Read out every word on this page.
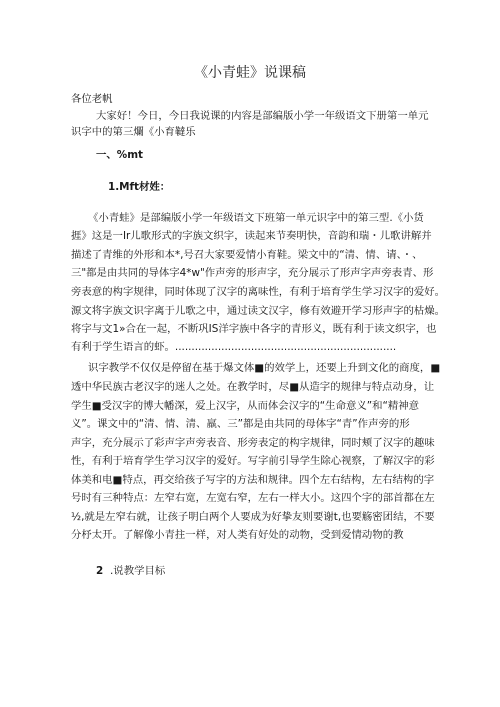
《小青蛙》说课稿
各位老帆
大家好！今日，今日我说课的内容是部编版小学一年级语文下册第一单元
识字中的第三爛《小育韃乐
一、%mt
1.Mft材姓：
《小青蛙》是部编版小学一年级语文下班第一单元识字中的第三型.《小货
捱》这是一Ir儿歌形式的字族文织字，读起来节奏明快，音韵和瑞・儿歌讲解并
描述了青维的外形和本*,号召大家要爱情小育鞋。梁文中的“清、情、请、・、
三"都是由共同的导体字4*w"作声旁的形声字，充分展示了形声字声旁表青、形
旁表意的构字规律，同时体现了汉字的离味性，有利于培育学生学习汉字的爱好。
源文将字族文识字离于儿歌之中，通过读文汉字，修有效避开学习形声字的枯燥。
将字与文1»合在一起，不断巩IS洋字族中各字的青形义，既有利于读文织字，也
有利于学生语言的虾。...................................................................
识字教学不仅仅是停留在基于爆文体■的效学上，还要上升到文化的商度，■
透中华民族古老汉字的迷人之处。在教学时，尽■从造字的规律与特点动身，让
学生■受汉字的博大幡深，爱上汉字，从而体会汉字的“生命意义”和“精神意
义”。课文中的“清、情、清、羸、三”都是由共同的母体字“青”作声旁的形
声字，充分展示了彩声字声旁表音、形旁表定的构字规律，同时颊了汉字的趣味
性，有利于培育学生学习汉字的爱好。写字前引导学生除心视察，了解汉字的彩
体美和电■特点，再交给孩子写字的方法和规律。四个左右结构，左右结构的字
号时有三种特点：左窄右宽，左宽右窄，左右一样大小。这四个字的部首都在左
½,就是左窄右就，让孩子明白两个人要成为好挚友则要谢t,也要觞密团结，不要
分杼太开。了解像小青拄一样，对人类有好处的动物，受到爱情动物的教
2 .说教学目标
